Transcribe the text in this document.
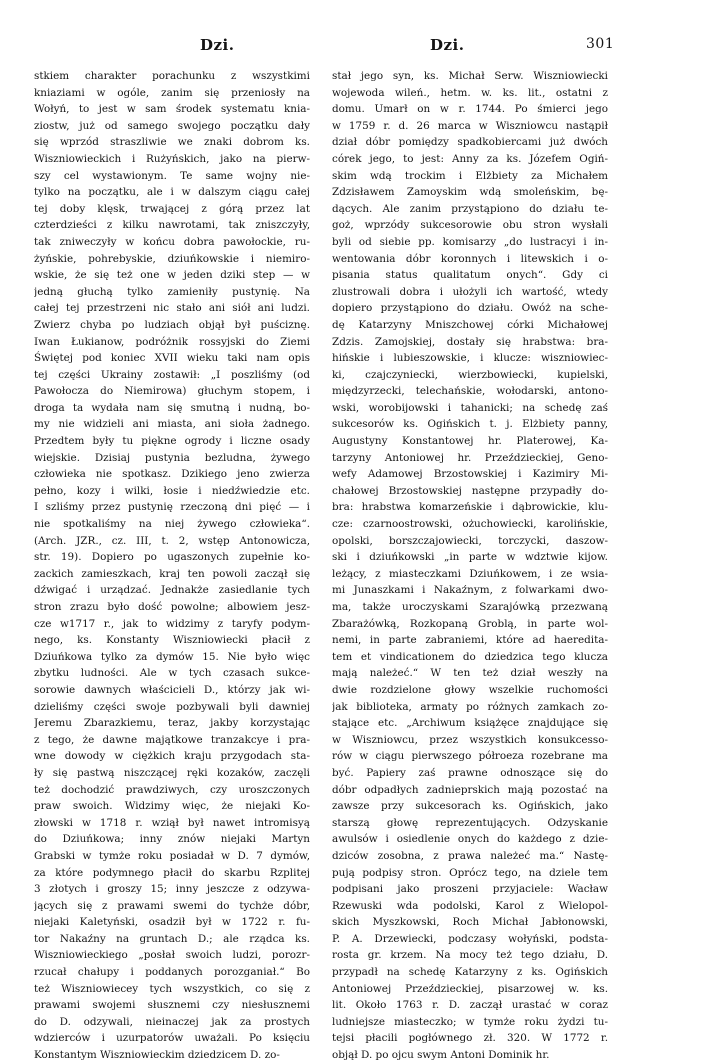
Dzi.	Dzi.	301
stkiem charakter porachunku z wszystkimi
kniaziami w ogóle, zanim się przeniosły na
Wołyń, to jest w sam środek systematu knia-
ziostw, już od samego swojego początku dały
się wprzód straszliwie we znaki dobrom ks.
Wiszniowieckich i Rużyńskich, jako na pierw-
szy cel wystawionym. Te same wojny nie-
tylko na początku, ale i w dalszym ciągu całej
tej doby klęsk, trwającej z górą przez lat
czterdzieści z kilku nawrotami, tak zniszczyły,
tak zniweczyły w końcu dobra pawołockie, ru-
żyńskie, pohrebyskie, dziuńkowskie i niemiro-
wskie, że się też one w jeden dziki step — w
jedną głuchą tylko zamieniły pustynię. Na
całej tej przestrzeni nic stało ani siół ani ludzi.
Zwierz chyba po ludziach objął był puściznę.
Iwan Łukianow, podróżnik rossyjski do Ziemi
Świętej pod koniec XVII wieku taki nam opis
tej części Ukrainy zostawił: „I poszliśmy (od
Pawołocza do Niemirowa) głuchym stopem, i
droga ta wydała nam się smutną i nudną, bo-
my nie widzieli ani miasta, ani sioła żadnego.
Przedtem były tu piękne ogrody i liczne osady
wiejskie. Dzisiaj pustynia bezludna, żywego
człowieka nie spotkasz. Dzikiego jeno zwierza
pełno, kozy i wilki, łosie i niedźwiedzie etc.
I szliśmy przez pustynię rzeczoną dni pięć — i
nie spotkaliśmy na niej żywego człowieka“.
(Arch. JZR., cz. III, t. 2, wstęp Antonowicza,
str. 19). Dopiero po ugaszonych zupełnie ko-
zackich zamieszkach, kraj ten powoli zaczął się
dźwigać i urządzać. Jednakże zasiedlanie tych
stron zrazu było dość powolne; albowiem jesz-
cze w1717 r., jak to widzimy z taryfy podym-
nego, ks. Konstanty Wiszniowiecki płacił z
Dziuńkowa tylko za dymów 15. Nie było więc
zbytku ludności. Ale w tych czasach sukce-
sorowie dawnych właścicieli D., którzy jak wi-
dzieliśmy części swoje pozbywali byli dawniej
Jeremu Zbarazkiemu, teraz, jakby korzystając
z tego, że dawne majątkowe tranzakcye i pra-
wne dowody w ciężkich kraju przygodach sta-
ły się pastwą niszczącej ręki kozaków, zaczęli
też dochodzić prawdziwych, czy uroszczonych
praw swoich. Widzimy więc, że niejaki Ko-
złowski w 1718 r. wziął był nawet intromisyą
do Dziuńkowa; inny znów niejaki Martyn
Grabski w tymże roku posiadał w D. 7 dymów,
za które podymnego płacił do skarbu Rzplitej
3 złotych i groszy 15; inny jeszcze z odzywa-
jących się z prawami swemi do tychże dóbr,
niejaki Kaletyński, osadził był w 1722 r. fu-
tor Nakaźny na gruntach D.; ale rządca ks.
Wiszniowieckiego „posłał swoich ludzi, porozr-
rzucał chałupy i poddanych porozganiał.“ Bo
też Wiszniowiecey tych wszystkich, co się z
prawami swojemi słusznemi czy niesłusznemi
do D. odzywali, nieinaczej jak za prostych
wdzierców i uzurpatorów uważali. Po księciu
Konstantym Wiszniowieckim dziedzicem D. zo-
stał jego syn, ks. Michał Serw. Wiszniowiecki
wojewoda wileń., hetm. w. ks. lit., ostatni z
domu. Umarł on w r. 1744. Po śmierci jego
w 1759 r. d. 26 marca w Wiszniowcu nastąpił
dział dóbr pomiędzy spadkobiercami już dwóch
córek jego, to jest: Anny za ks. Józefem Ogiń-
skim wdą trockim i Elżbiety za Michałem
Zdzisławem Zamoyskim wdą smoleńskim, bę-
dących. Ale zanim przystąpiono do działu te-
goż, wprzódy sukcesorowie obu stron wysłali
byli od siebie pp. komisarzy „do lustracyi i in-
wentowania dóbr koronnych i litewskich i o-
pisania status qualitatum onych“. Gdy ci
zlustrowali dobra i ułożyli ich wartość, wtedy
dopiero przystąpiono do działu. Owóż na sche-
dę Katarzyny Mniszchowej córki Michałowej
Zdzis. Zamojskiej, dostały się hrabstwa: bra-
hińskie i lubieszowskie, i klucze: wiszniowiec-
ki, czajczyniecki, wierzbowiecki, kupielski,
międzyrzecki, telechańskie, wołodarski, antono-
wski, worobijowski i tahanicki; na schedę zaś
sukcesorów ks. Ogińskich t. j. Elżbiety panny,
Augustyny Konstantowej hr. Platerowej, Ka-
tarzyny Antoniowej hr. Przeździeckiej, Geno-
wefy Adamowej Brzostowskiej i Kazimiry Mi-
chałowej Brzostowskiej następne przypadły do-
bra: hrabstwa komarzeńskie i dąbrowickie, klu-
cze: czarnoostrowski, ożuchowiecki, karolińskie,
opolski, borszczajowiecki, torczycki, daszow-
ski i dziuńkowski „in parte w wdztwie kijow.
leżący, z miasteczkami Dziuńkowem, i ze wsia-
mi Junaszkami i Nakaźnym, z folwarkami dwo-
ma, także uroczyskami Szarajówką przezwaną
Zbarażówką, Rozkopaną Groblą, in parte wol-
nemi, in parte zabraniemi, które ad haeredita-
tem et vindicationem do dziedzica tego klucza
mają należeć.“ W ten też dział weszły na
dwie rozdzielone głowy wszelkie ruchomości
jak biblioteka, armaty po różnych zamkach zo-
stające etc. „Archiwum książęce znajdujące się
w Wiszniowcu, przez wszystkich konsukcesso-
rów w ciągu pierwszego półroeza rozebrane ma
być. Papiery zaś prawne odnoszące się do
dóbr odpadłych zadnieprskich mają pozostać na
zawsze przy sukcesorach ks. Ogińskich, jako
starszą głowę reprezentujących. Odzyskanie
awulsów i osiedlenie onych do każdego z dzie-
dziców zosobna, z prawa należeć ma.“ Nastę-
pują podpisy stron. Oprócz tego, na dziele tem
podpisani jako proszeni przyjaciele: Wacław
Rzewuski wda podolski, Karol z Wielopol-
skich Myszkowski, Roch Michał Jabłonowski,
P. A. Drzewiecki, podczasy wołyński, podsta-
rosta gr. krzem. Na mocy też tego działu, D.
przypadł na schedę Katarzyny z ks. Ogińskich
Antoniowej Przeździeckiej, pisarzowej w. ks.
lit. Około 1763 r. D. zaczął urastać w coraz
ludniejsze miasteczko; w tymże roku żydzi tu-
tejsi płacili pogłównego zł. 320. W 1772 r.
objął D. po ojcu swym Antoni Dominik hr.
